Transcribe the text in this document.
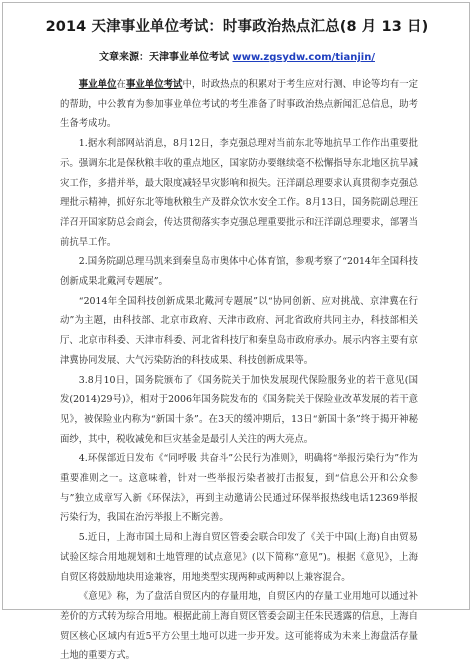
2014 天津事业单位考试：时事政治热点汇总(8 月 13 日)
文章来源：天津事业单位考试 www.zgsydw.com/tianjin/

事业单位在事业单位考试中，时政热点的积累对于考生应对行测、申论等均有一定的帮助，中公教育为参加事业单位考试的考生准备了时事政治热点新闻汇总信息，助考生备考成功。

1.据水利部网站消息，8月12日，李克强总理对当前东北等地抗旱工作作出重要批示。强调东北是保秋粮丰收的重点地区，国家防办要继续毫不松懈指导东北地区抗旱减灾工作，多措并举，最大限度减轻旱灾影响和损失。汪洋副总理要求认真贯彻李克强总理批示精神，抓好东北等地秋粮生产及群众饮水安全工作。8月13日，国务院副总理汪洋召开国家防总会商会，传达贯彻落实李克强总理重要批示和汪洋副总理要求，部署当前抗旱工作。

2.国务院副总理马凯来到秦皇岛市奥体中心体育馆，参观考察了“2014年全国科技创新成果北戴河专题展”。

“2014年全国科技创新成果北戴河专题展”以“协同创新、应对挑战、京津冀在行动”为主题，由科技部、北京市政府、天津市政府、河北省政府共同主办，科技部相关厅、北京市科委、天津市科委、河北省科技厅和秦皇岛市政府承办。展示内容主要有京津冀协同发展、大气污染防治的科技成果、科技创新成果等。

3.8月10日，国务院颁布了《国务院关于加快发展现代保险服务业的若干意见(国发(2014)29号)》，相对于2006年国务院发布的《国务院关于保险业改革发展的若干意见》，被保险业内称为“新国十条”。在3天的缓冲期后，13日“新国十条”终于揭开神秘面纱，其中，税收减免和巨灾基金是最引人关注的两大亮点。

4.环保部近日发布《“同呼吸 共奋斗”公民行为准则》，明确将“举报污染行为”作为重要准则之一。这意味着，针对一些举报污染者被打击报复，到“信息公开和公众参与”独立成章写入新《环保法》，再到主动邀请公民通过环保举报热线电话12369举报污染行为，我国在治污举报上不断完善。

5.近日，上海市国土局和上海自贸区管委会联合印发了《关于中国(上海)自由贸易试验区综合用地规划和土地管理的试点意见》(以下简称“意见”)。根据《意见》，上海自贸区将鼓励地块用途兼容，用地类型实现两种或两种以上兼容混合。

《意见》称，为了盘活自贸区内的存量用地，自贸区内的存量工业用地可以通过补差价的方式转为综合用地。根据此前上海自贸区管委会副主任朱民透露的信息，上海自贸区核心区域内有近5平方公里土地可以进一步开发。这可能将成为未来上海盘活存量土地的重要方式。
